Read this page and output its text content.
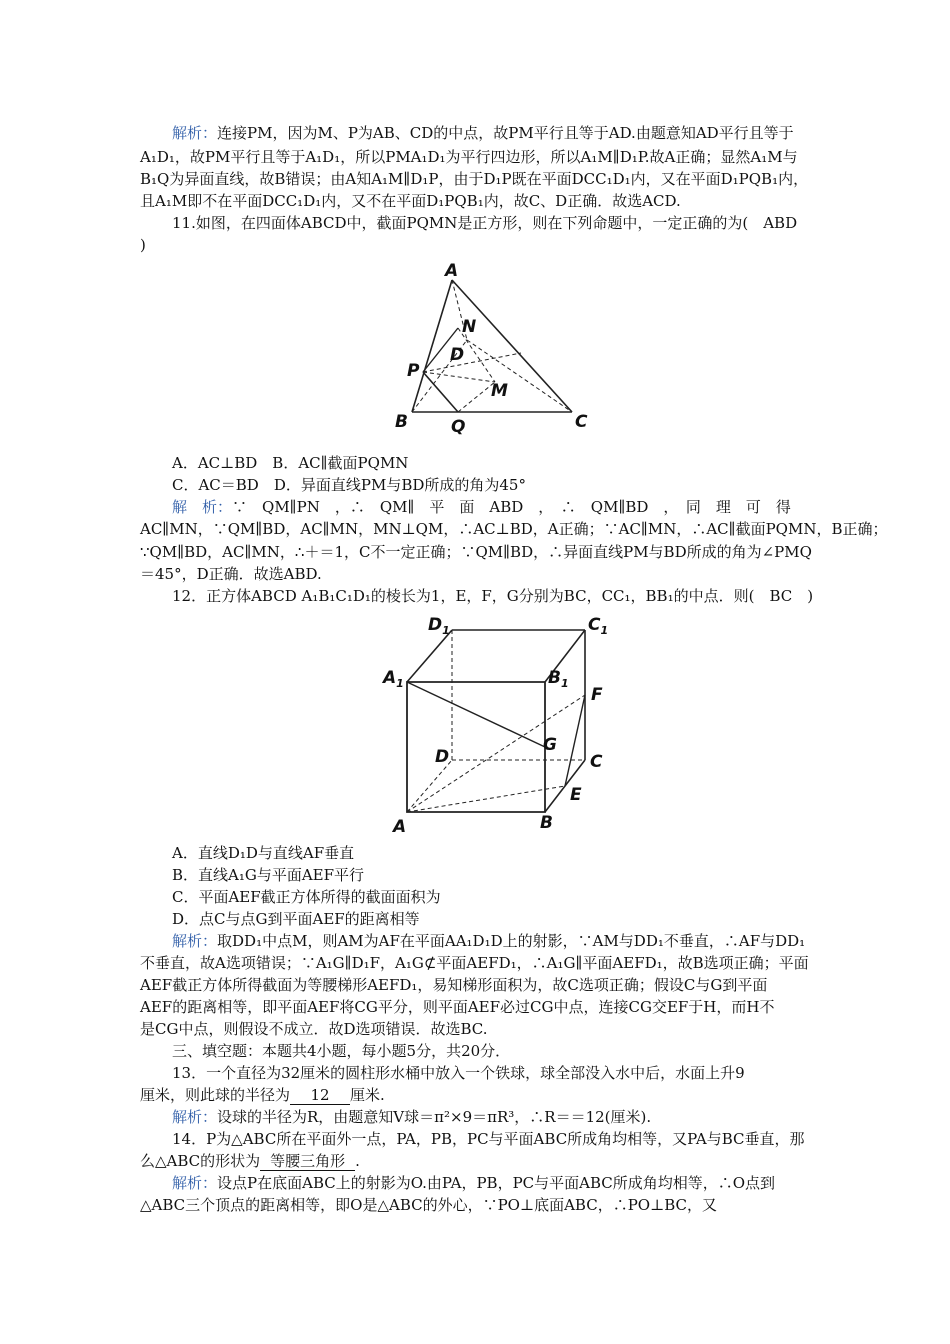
解析：连接PM，因为M、P为AB、CD的中点，故PM平行且等于AD.由题意知AD平行且等于
A₁D₁，故PM平行且等于A₁D₁，所以PMA₁D₁为平行四边形，所以A₁M∥D₁P.故A正确；显然A₁M与
B₁Q为异面直线，故B错误；由A知A₁M∥D₁P，由于D₁P既在平面DCC₁D₁内，又在平面D₁PQB₁内，
且A₁M即不在平面DCC₁D₁内，又不在平面D₁PQB₁内，故C、D正确．故选ACD.
11.如图，在四面体ABCD中，截面PQMN是正方形，则在下列命题中，一定正确的为(　ABD
)
A
B	C
D
N
P
M
Q
A．AC⊥BD　B．AC∥截面PQMN
C．AC＝BD　D．异面直线PM与BD所成的角为45°
解　析：∵　QM∥PN　，∴　QM∥　平　面　ABD　，　∴　QM∥BD　，　同　理　可　得
AC∥MN，∵QM∥BD，AC∥MN，MN⊥QM，∴AC⊥BD，A正确；∵AC∥MN，∴AC∥截面PQMN，B正确；
∵QM∥BD，AC∥MN，∴＋＝1，C不一定正确；∵QM∥BD，∴异面直线PM与BD所成的角为∠PMQ
＝45°，D正确．故选ABD.
12．正方体ABCD A₁B₁C₁D₁的棱长为1，E，F，G分别为BC，CC₁，BB₁的中点．则(　BC　)
$D_1$	$C_1$
$A_1$	$B_1$
F
G
D	C
E
A	B
A．直线D₁D与直线AF垂直
B．直线A₁G与平面AEF平行
C．平面AEF截正方体所得的截面面积为
D．点C与点G到平面AEF的距离相等
解析：取DD₁中点M，则AM为AF在平面AA₁D₁D上的射影，∵AM与DD₁不垂直，∴AF与DD₁
不垂直，故A选项错误；∵A₁G∥D₁F，A₁G⊄平面AEFD₁，∴A₁G∥平面AEFD₁，故B选项正确；平面
AEF截正方体所得截面为等腰梯形AEFD₁，易知梯形面积为，故C选项正确；假设C与G到平面
AEF的距离相等，即平面AEF将CG平分，则平面AEF必过CG中点，连接CG交EF于H，而H不
是CG中点，则假设不成立．故D选项错误．故选BC.
三、填空题：本题共4小题，每小题5分，共20分．
13．一个直径为32厘米的圆柱形水桶中放入一个铁球，球全部没入水中后，水面上升9
厘米，则此球的半径为 12 厘米.
解析：设球的半径为R，由题意知V球＝π²×9＝πR³，∴R＝＝12(厘米).
14．P为△ABC所在平面外一点，PA，PB，PC与平面ABC所成角均相等，又PA与BC垂直，那
么△ABC的形状为 等腰三角形 .
解析：设点P在底面ABC上的射影为O.由PA，PB，PC与平面ABC所成角均相等，∴O点到
△ABC三个顶点的距离相等，即O是△ABC的外心，∵PO⊥底面ABC，∴PO⊥BC，又
